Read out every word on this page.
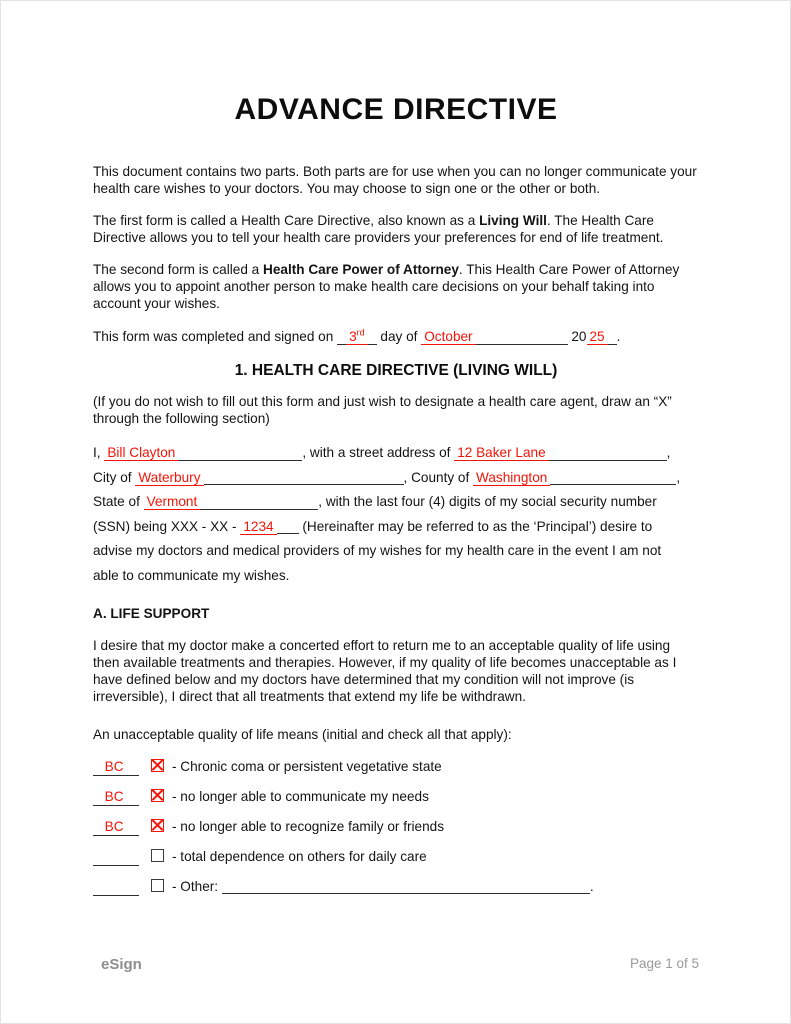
ADVANCE DIRECTIVE

This document contains two parts. Both parts are for use when you can no longer communicate your health care wishes to your doctors. You may choose to sign one or the other or both.

The first form is called a Health Care Directive, also known as a Living Will. The Health Care Directive allows you to tell your health care providers your preferences for end of life treatment.

The second form is called a Health Care Power of Attorney. This Health Care Power of Attorney allows you to appoint another person to make health care decisions on your behalf taking into account your wishes.

This form was completed and signed on 3rd day of October	20 25 .
1. HEALTH CARE DIRECTIVE (LIVING WILL)

(If you do not wish to fill out this form and just wish to designate a health care agent, draw an “X” through the following section)

I, Bill Clayton	, with a street address of 12 Baker Lane	,
City of Waterbury	, County of Washington	,
State of Vermont	, with the last four (4) digits of my social security number
(SSN) being XXX - XX - 1234 (Hereinafter may be referred to as the ‘Principal’) desire to
advise my doctors and medical providers of my wishes for my health care in the event I am not
able to communicate my wishes.
A. LIFE SUPPORT

I desire that my doctor make a concerted effort to return me to an acceptable quality of life using then available treatments and therapies. However, if my quality of life becomes unacceptable as I have defined below and my doctors have determined that my condition will not improve (is irreversible), I direct that all treatments that extend my life be withdrawn.

An unacceptable quality of life means (initial and check all that apply):

BC	- Chronic coma or persistent vegetative state
BC	- no longer able to communicate my needs
BC	- no longer able to recognize family or friends
- total dependence on others for daily care
- Other:	.
eSign	Page 1 of 5
